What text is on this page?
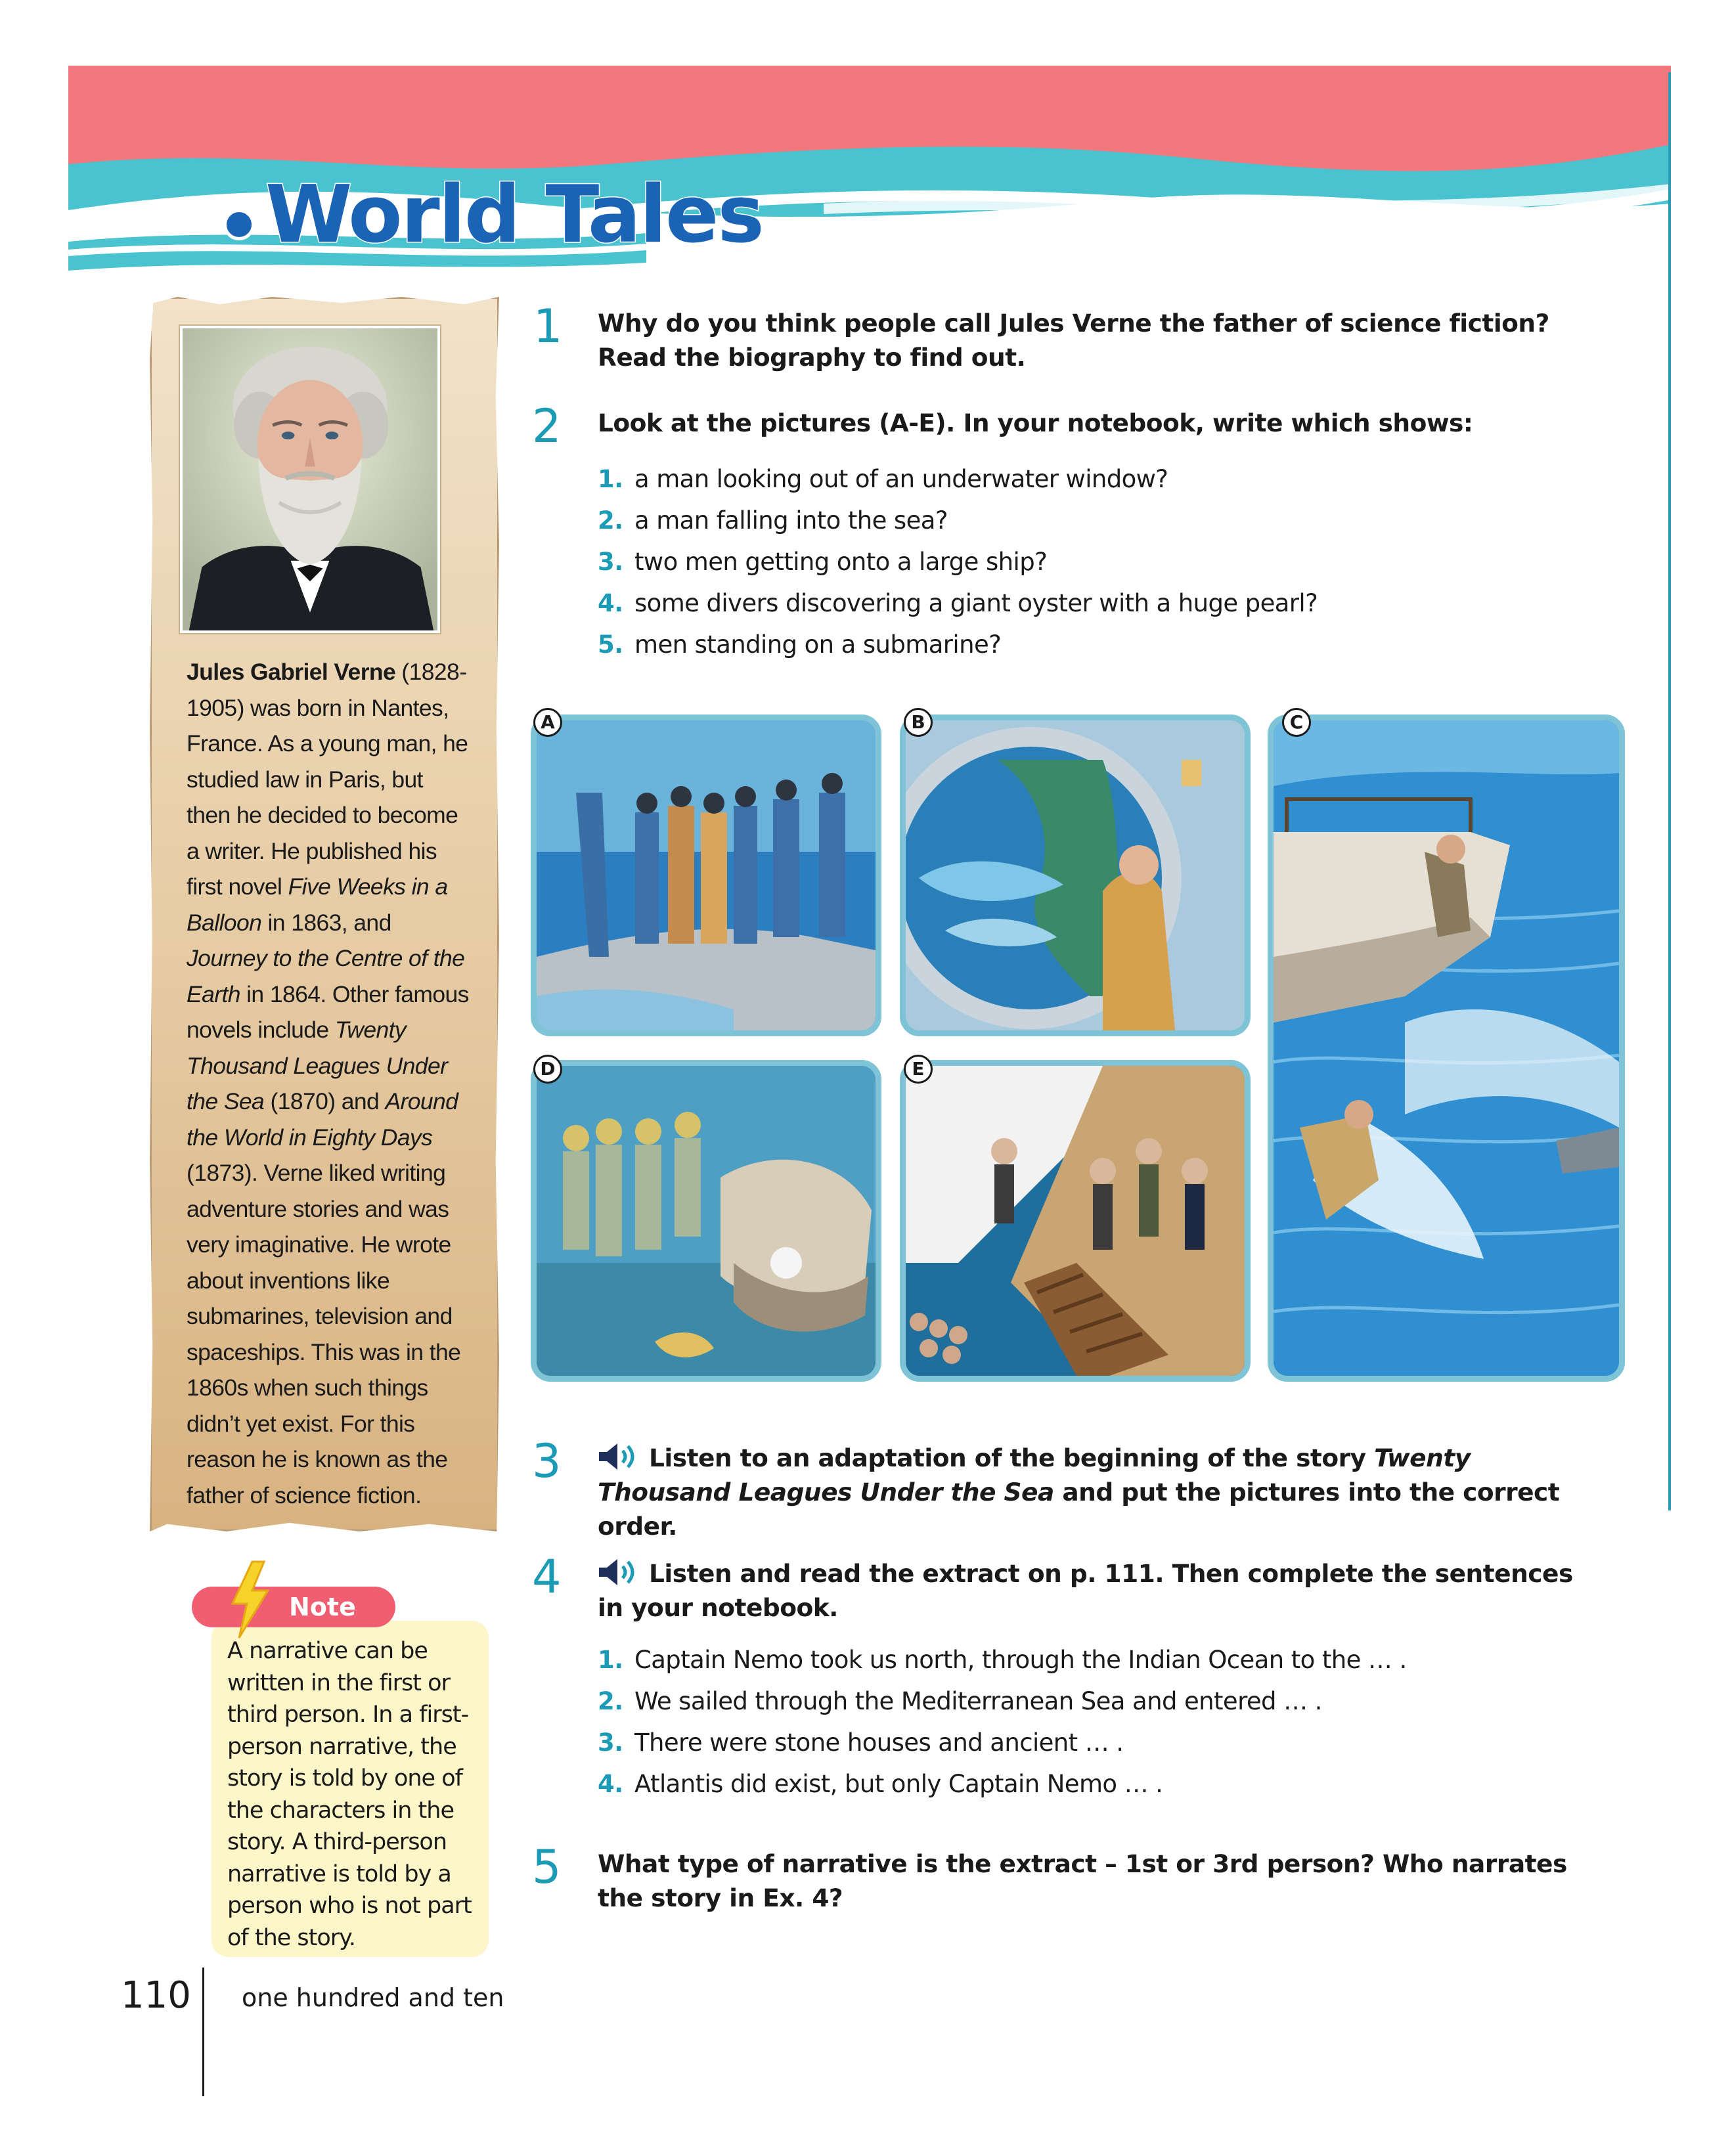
World Tales
Jules Gabriel Verne (1828-1905) was born in Nantes, France. As a young man, he studied law in Paris, but then he decided to become a writer. He published his first novel Five Weeks in a Balloon in 1863, and Journey to the Centre of the Earth in 1864. Other famous novels include Twenty Thousand Leagues Under the Sea (1870) and Around the World in Eighty Days (1873). Verne liked writing adventure stories and was very imaginative. He wrote about inventions like submarines, television and spaceships. This was in the 1860s when such things didn’t yet exist. For this reason he is known as the father of science fiction.
Note
A narrative can be written in the first or third person. In a first-person narrative, the story is told by one of the characters in the story. A third-person narrative is told by a person who is not part of the story.
110 one hundred and ten
1 Why do you think people call Jules Verne the father of science fiction? Read the biography to find out.
2 Look at the pictures (A-E). In your notebook, write which shows:
1. a man looking out of an underwater window?
2. a man falling into the sea?
3. two men getting onto a large ship?
4. some divers discovering a giant oyster with a huge pearl?
5. men standing on a submarine?
A	B	C
D	E
3	Listen to an adaptation of the beginning of the story Twenty Thousand Leagues Under the Sea and put the pictures into the correct order.
4	Listen and read the extract on p. 111. Then complete the sentences in your notebook.
1. Captain Nemo took us north, through the Indian Ocean to the … .
2. We sailed through the Mediterranean Sea and entered … .
3. There were stone houses and ancient … .
4. Atlantis did exist, but only Captain Nemo … .
5 What type of narrative is the extract – 1st or 3rd person? Who narrates the story in Ex. 4?
